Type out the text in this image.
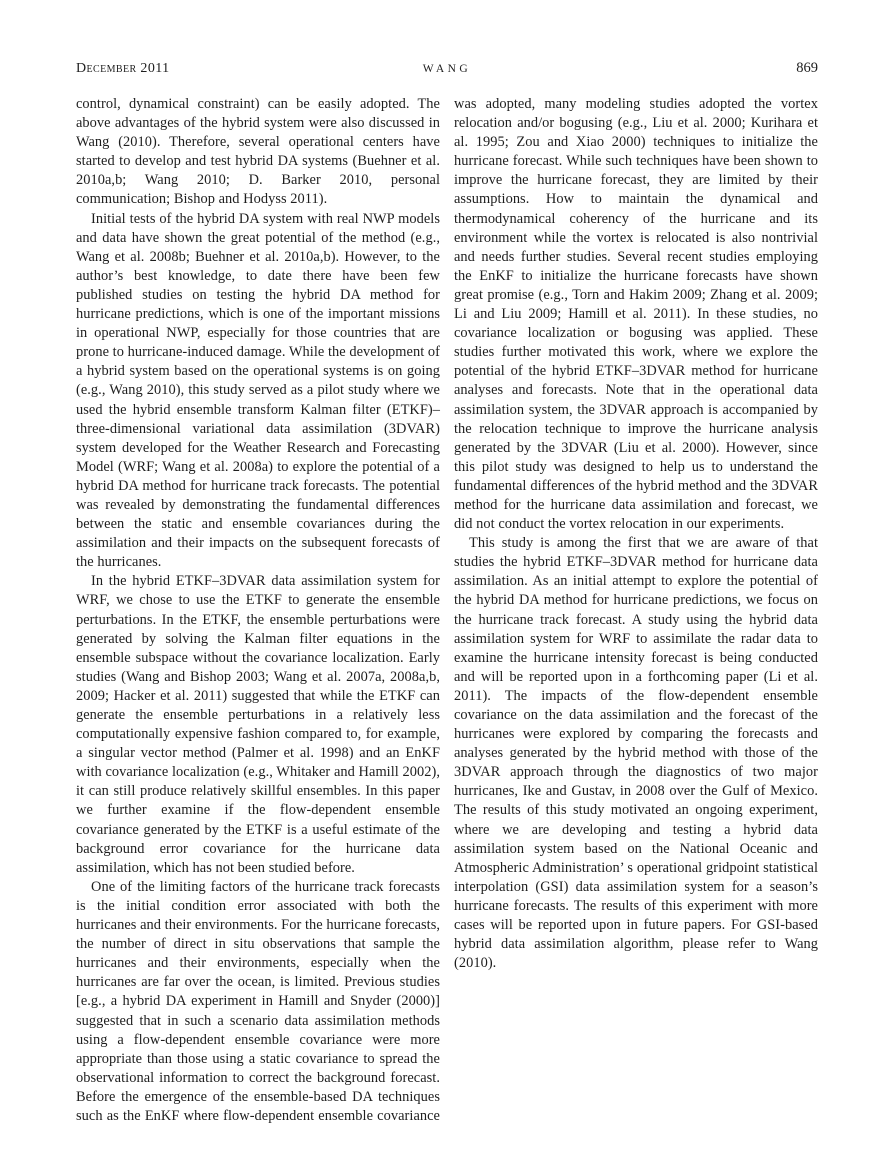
December 2011	WANG	869

control, dynamical constraint) can be easily adopted. The above advantages of the hybrid system were also discussed in Wang (2010). Therefore, several operational centers have started to develop and test hybrid DA systems (Buehner et al. 2010a,b; Wang 2010; D. Barker 2010, personal communication; Bishop and Hodyss 2011).

Initial tests of the hybrid DA system with real NWP models and data have shown the great potential of the method (e.g., Wang et al. 2008b; Buehner et al. 2010a,b). However, to the author’s best knowledge, to date there have been few published studies on testing the hybrid DA method for hurricane predictions, which is one of the important missions in operational NWP, especially for those countries that are prone to hurricane-induced damage. While the development of a hybrid system based on the operational systems is on going (e.g., Wang 2010), this study served as a pilot study where we used the hybrid ensemble transform Kalman filter (ETKF)–three-dimensional variational data assimilation (3DVAR) system developed for the Weather Research and Forecasting Model (WRF; Wang et al. 2008a) to explore the potential of a hybrid DA method for hurricane track forecasts. The potential was revealed by demonstrating the fundamental differences between the static and ensemble covariances during the assimilation and their impacts on the subsequent forecasts of the hurricanes.

In the hybrid ETKF–3DVAR data assimilation system for WRF, we chose to use the ETKF to generate the ensemble perturbations. In the ETKF, the ensemble perturbations were generated by solving the Kalman filter equations in the ensemble subspace without the covariance localization. Early studies (Wang and Bishop 2003; Wang et al. 2007a, 2008a,b, 2009; Hacker et al. 2011) suggested that while the ETKF can generate the ensemble perturbations in a relatively less computationally expensive fashion compared to, for example, a singular vector method (Palmer et al. 1998) and an EnKF with covariance localization (e.g., Whitaker and Hamill 2002), it can still produce relatively skillful ensembles. In this paper we further examine if the flow-dependent ensemble covariance generated by the ETKF is a useful estimate of the background error covariance for the hurricane data assimilation, which has not been studied before.

One of the limiting factors of the hurricane track forecasts is the initial condition error associated with both the hurricanes and their environments. For the hurricane forecasts, the number of direct in situ observations that sample the hurricanes and their environments, especially when the hurricanes are far over the ocean, is limited. Previous studies [e.g., a hybrid DA experiment in Hamill and Snyder (2000)] suggested that in such a scenario data assimilation methods using a flow-dependent ensemble covariance were more appropriate than those using a static covariance to spread the observational information to correct the background forecast. Before the emergence of the ensemble-based DA techniques such as the EnKF where flow-dependent ensemble covariance was adopted, many modeling studies adopted the vortex relocation and/or bogusing (e.g., Liu et al. 2000; Kurihara et al. 1995; Zou and Xiao 2000) techniques to initialize the hurricane forecast. While such techniques have been shown to improve the hurricane forecast, they are limited by their assumptions. How to maintain the dynamical and thermodynamical coherency of the hurricane and its environment while the vortex is relocated is also nontrivial and needs further studies. Several recent studies employing the EnKF to initialize the hurricane forecasts have shown great promise (e.g., Torn and Hakim 2009; Zhang et al. 2009; Li and Liu 2009; Hamill et al. 2011). In these studies, no covariance localization or bogusing was applied. These studies further motivated this work, where we explore the potential of the hybrid ETKF–3DVAR method for hurricane analyses and forecasts. Note that in the operational data assimilation system, the 3DVAR approach is accompanied by the relocation technique to improve the hurricane analysis generated by the 3DVAR (Liu et al. 2000). However, since this pilot study was designed to help us to understand the fundamental differences of the hybrid method and the 3DVAR method for the hurricane data assimilation and forecast, we did not conduct the vortex relocation in our experiments.

This study is among the first that we are aware of that studies the hybrid ETKF–3DVAR method for hurricane data assimilation. As an initial attempt to explore the potential of the hybrid DA method for hurricane predictions, we focus on the hurricane track forecast. A study using the hybrid data assimilation system for WRF to assimilate the radar data to examine the hurricane intensity forecast is being conducted and will be reported upon in a forthcoming paper (Li et al. 2011). The impacts of the flow-dependent ensemble covariance on the data assimilation and the forecast of the hurricanes were explored by comparing the forecasts and analyses generated by the hybrid method with those of the 3DVAR approach through the diagnostics of two major hurricanes, Ike and Gustav, in 2008 over the Gulf of Mexico. The results of this study motivated an ongoing experiment, where we are developing and testing a hybrid data assimilation system based on the National Oceanic and Atmospheric Administration’ s operational gridpoint statistical interpolation (GSI) data assimilation system for a season’s hurricane forecasts. The results of this experiment with more cases will be reported upon in future papers. For GSI-based hybrid data assimilation algorithm, please refer to Wang (2010).
